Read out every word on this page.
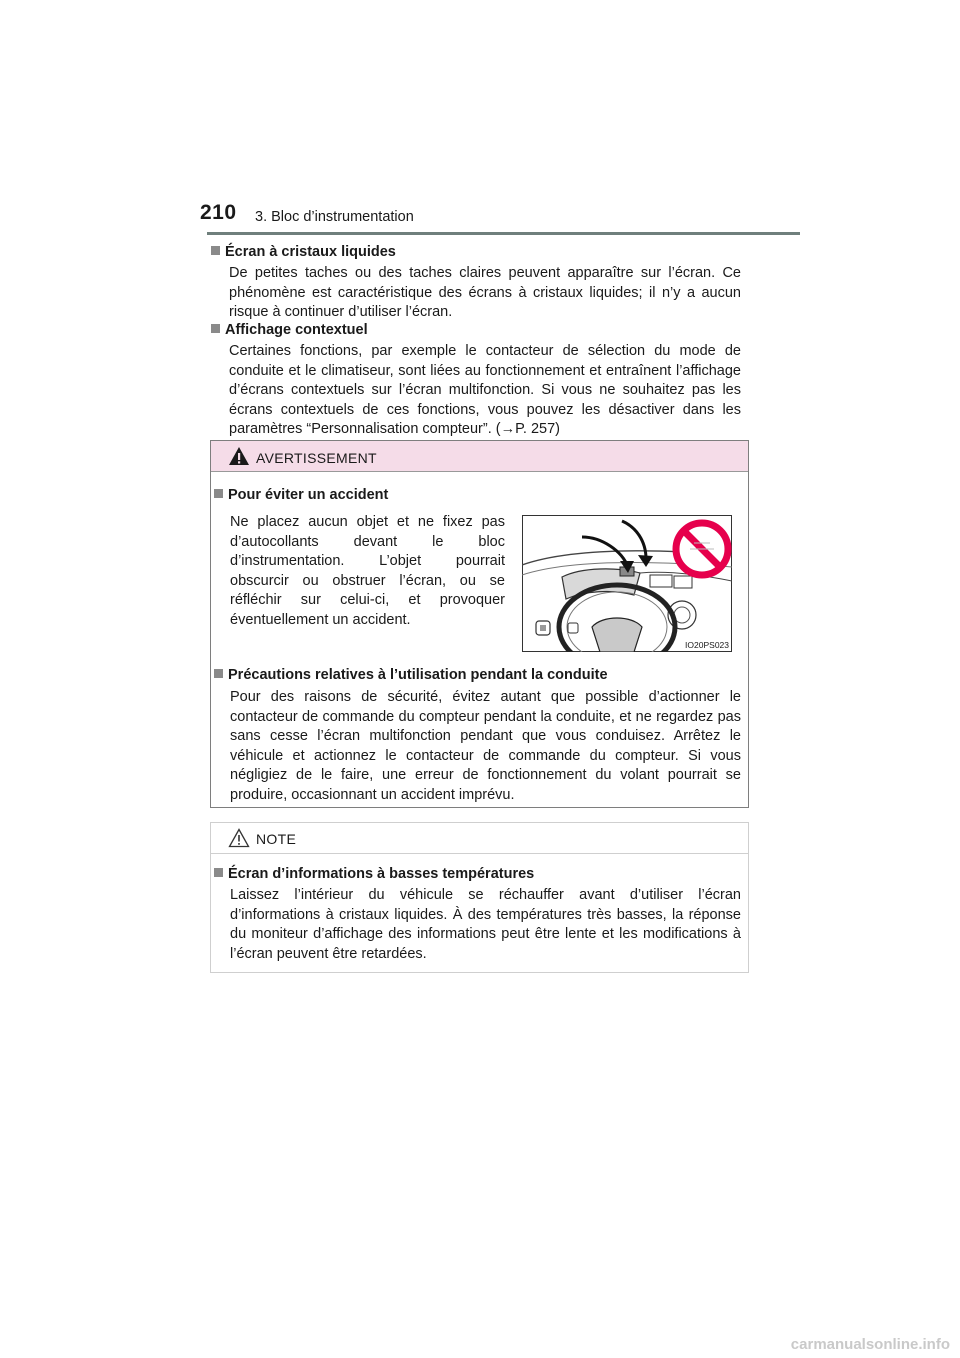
210 3. Bloc d’instrumentation
Écran à cristaux liquides

De petites taches ou des taches claires peuvent apparaître sur l’écran. Ce phénomène est caractéristique des écrans à cristaux liquides; il n’y a aucun risque à continuer d’utiliser l’écran.

Affichage contextuel

Certaines fonctions, par exemple le contacteur de sélection du mode de conduite et le climatiseur, sont liées au fonctionnement et entraînent l’affichage d’écrans contextuels sur l’écran multifonction. Si vous ne souhaitez pas les écrans contextuels de ces fonctions, vous pouvez les désactiver dans les paramètres “Personnalisation compteur”. (→P. 257)

AVERTISSEMENT
Pour éviter un accident

Ne placez aucun objet et ne fixez pas d’autocollants devant le bloc d’instrumentation. L’objet pourrait obscurcir ou obstruer l’écran, ou se réfléchir sur celui-ci, et provoquer éventuellement un accident.

Précautions relatives à l’utilisation pendant la conduite

Pour des raisons de sécurité, évitez autant que possible d’actionner le contacteur de commande du compteur pendant la conduite, et ne regardez pas sans cesse l’écran multifonction pendant que vous conduisez. Arrêtez le véhicule et actionnez le contacteur de commande du compteur. Si vous négligiez de le faire, une erreur de fonctionnement du volant pourrait se produire, occasionnant un accident imprévu.

IO20PS023
NOTE
Écran d’informations à basses températures

Laissez l’intérieur du véhicule se réchauffer avant d’utiliser l’écran d’informations à cristaux liquides. À des températures très basses, la réponse du moniteur d’affichage des informations peut être lente et les modifications à l’écran peuvent être retardées.

carmanualsonline.info
